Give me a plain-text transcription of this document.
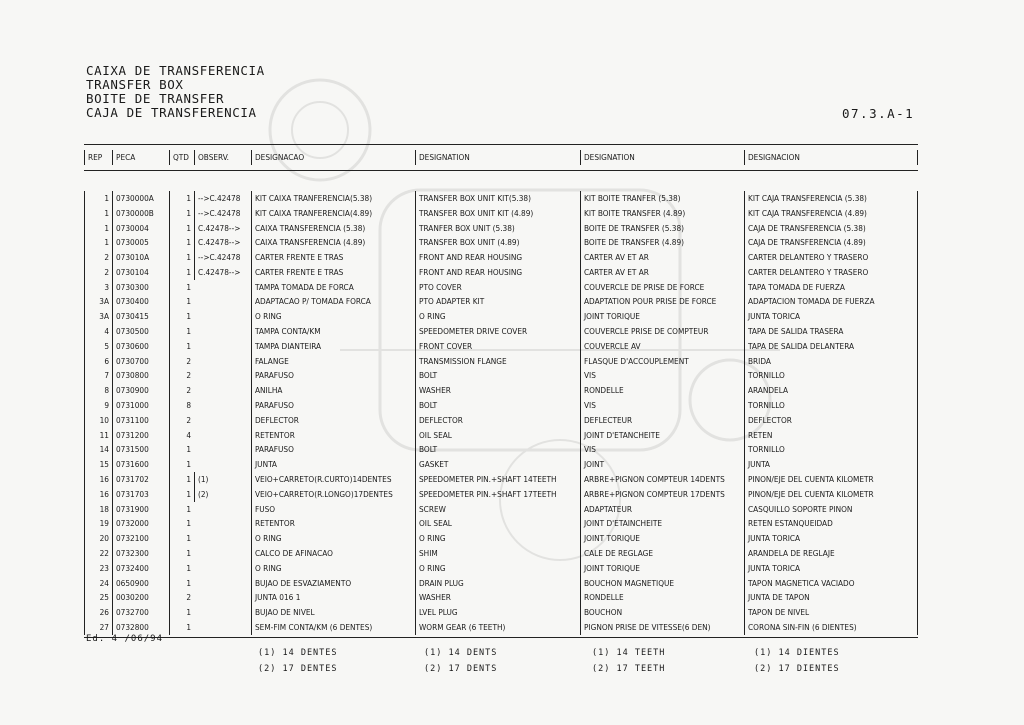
CAIXA DE TRANSFERENCIA
TRANSFER BOX
BOITE DE TRANSFER
CAJA DE TRANSFERENCIA	07.3.A-1
REP	PECA	QTD	OBSERV.	DESIGNACAO	DESIGNATION	DESIGNATION	DESIGNACION
1 0730000A	1 -->C.42478	KIT CAIXA TRANFERENCIA(5.38)	TRANSFER BOX UNIT KIT(5.38)	KIT BOITE TRANFER (5.38)	KIT CAJA TRANSFERENCIA (5.38)
1 0730000B	1 -->C.42478	KIT CAIXA TRANFERENCIA(4.89)	TRANSFER BOX UNIT KIT (4.89)	KIT BOITE TRANSFER (4.89)	KIT CAJA TRANSFERENCIA (4.89)
1 0730004	1 C.42478-->	CAIXA TRANSFERENCIA (5.38)	TRANFER BOX UNIT (5.38)	BOITE DE TRANSFER (5.38)	CAJA DE TRANSFERENCIA (5.38)
1 0730005	1 C.42478-->	CAIXA TRANSFERENCIA (4.89)	TRANSFER BOX UNIT (4.89)	BOITE DE TRANSFER (4.89)	CAJA DE TRANSFERENCIA (4.89)
2 073010A	1 -->C.42478	CARTER FRENTE E TRAS	FRONT AND REAR HOUSING	CARTER AV ET AR	CARTER DELANTERO Y TRASERO
2 0730104	1 C.42478-->	CARTER FRENTE E TRAS	FRONT AND REAR HOUSING	CARTER AV ET AR	CARTER DELANTERO Y TRASERO
3 0730300	1	TAMPA TOMADA DE FORCA	PTO COVER	COUVERCLE DE PRISE DE FORCE	TAPA TOMADA DE FUERZA
3A 0730400	1	ADAPTACAO P/ TOMADA FORCA	PTO ADAPTER KIT	ADAPTATION POUR PRISE DE FORCE	ADAPTACION TOMADA DE FUERZA
3A 0730415	1	O RING	O RING	JOINT TORIQUE	JUNTA TORICA
4 0730500	1	TAMPA CONTA/KM	SPEEDOMETER DRIVE COVER	COUVERCLE PRISE DE COMPTEUR	TAPA DE SALIDA TRASERA
5 0730600	1	TAMPA DIANTEIRA	FRONT COVER	COUVERCLE AV	TAPA DE SALIDA DELANTERA
6 0730700	2	FALANGE	TRANSMISSION FLANGE	FLASQUE D'ACCOUPLEMENT	BRIDA
7 0730800	2	PARAFUSO	BOLT	VIS	TORNILLO
8 0730900	2	ANILHA	WASHER	RONDELLE	ARANDELA
9 0731000	8	PARAFUSO	BOLT	VIS	TORNILLO
10 0731100	2	DEFLECTOR	DEFLECTOR	DEFLECTEUR	DEFLECTOR
11 0731200	4	RETENTOR	OIL SEAL	JOINT D'ETANCHEITE	RETEN
14 0731500	1	PARAFUSO	BOLT	VIS	TORNILLO
15 0731600	1	JUNTA	GASKET	JOINT	JUNTA
16 0731702	1 (1)	VEIO+CARRETO(R.CURTO)14DENTES	SPEEDOMETER PIN.+SHAFT 14TEETH	ARBRE+PIGNON COMPTEUR 14DENTS	PINON/EJE DEL CUENTA KILOMETR
16 0731703	1 (2)	VEIO+CARRETO(R.LONGO)17DENTES	SPEEDOMETER PIN.+SHAFT 17TEETH	ARBRE+PIGNON COMPTEUR 17DENTS	PINON/EJE DEL CUENTA KILOMETR
18 0731900	1	FUSO	SCREW	ADAPTATEUR	CASQUILLO SOPORTE PINON
19 0732000	1	RETENTOR	OIL SEAL	JOINT D'ETAINCHEITE	RETEN ESTANQUEIDAD
20 0732100	1	O RING	O RING	JOINT TORIQUE	JUNTA TORICA
22 0732300	1	CALCO DE AFINACAO	SHIM	CALE DE REGLAGE	ARANDELA DE REGLAJE
23 0732400	1	O RING	O RING	JOINT TORIQUE	JUNTA TORICA
24 0650900	1	BUJAO DE ESVAZIAMENTO	DRAIN PLUG	BOUCHON MAGNETIQUE	TAPON MAGNETICA VACIADO
25 0030200	2	JUNTA 016 1	WASHER	RONDELLE	JUNTA DE TAPON
26 0732700	1	BUJAO DE NIVEL	LVEL PLUG	BOUCHON	TAPON DE NIVEL
27 0732800	1	SEM-FIM CONTA/KM (6 DENTES)	WORM GEAR (6 TEETH)	PIGNON PRISE DE VITESSE(6 DEN)	CORONA SIN-FIN (6 DIENTES)
Ed. 4 /06/94
(1) 14 DENTES
(2) 17 DENTES
(1) 14 DENTS
(2) 17 DENTS
(1) 14 TEETH
(2) 17 TEETH
(1) 14 DIENTES
(2) 17 DIENTES
